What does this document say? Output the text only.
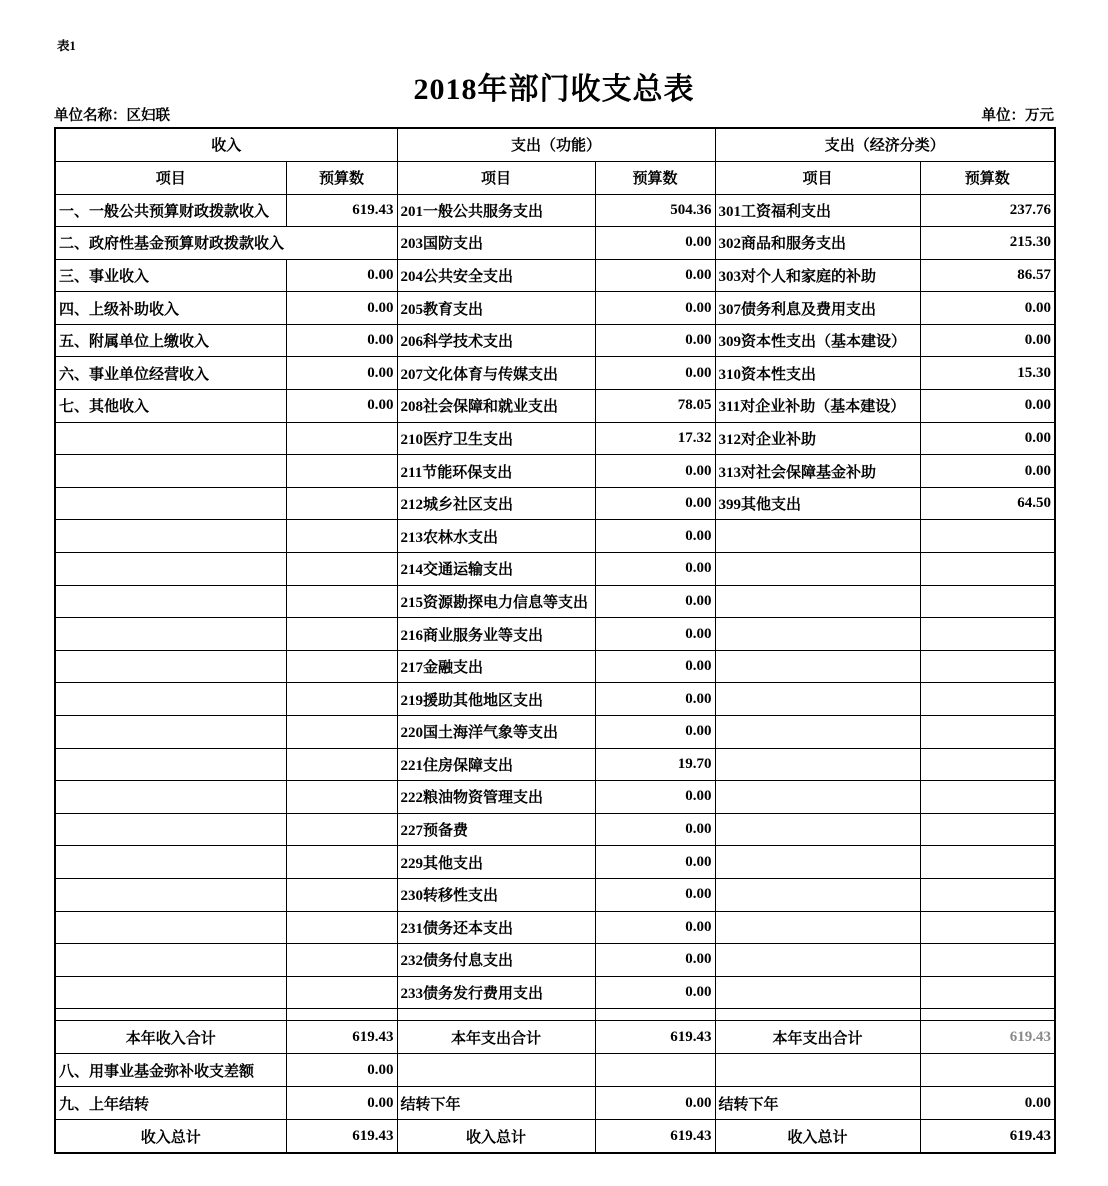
表1
2018年部门收支总表
单位名称：区妇联	单位：万元
收入		支出（功能）		支出（经济分类）	
项目	预算数	项目	预算数	项目	预算数
一、一般公共预算财政拨款收入	619.43	201一般公共服务支出	504.36	301工资福利支出	237.76
二、政府性基金预算财政拨款收入		203国防支出	0.00	302商品和服务支出	215.30
三、事业收入	0.00	204公共安全支出	0.00	303对个人和家庭的补助	86.57
四、上级补助收入	0.00	205教育支出	0.00	307债务利息及费用支出	0.00
五、附属单位上缴收入	0.00	206科学技术支出	0.00	309资本性支出（基本建设）	0.00
六、事业单位经营收入	0.00	207文化体育与传媒支出	0.00	310资本性支出	15.30
七、其他收入	0.00	208社会保障和就业支出	78.05	311对企业补助（基本建设）	0.00
		210医疗卫生支出	17.32	312对企业补助	0.00
		211节能环保支出	0.00	313对社会保障基金补助	0.00
		212城乡社区支出	0.00	399其他支出	64.50
		213农林水支出	0.00		
		214交通运输支出	0.00		
		215资源勘探电力信息等支出	0.00		
		216商业服务业等支出	0.00		
		217金融支出	0.00		
		219援助其他地区支出	0.00		
		220国土海洋气象等支出	0.00		
		221住房保障支出	19.70		
		222粮油物资管理支出	0.00		
		227预备费	0.00		
		229其他支出	0.00		
		230转移性支出	0.00		
		231债务还本支出	0.00		
		232债务付息支出	0.00		
		233债务发行费用支出	0.00		

本年收入合计	619.43	本年支出合计	619.43	本年支出合计	619.43
八、用事业基金弥补收支差额	0.00				
九、上年结转	0.00	结转下年	0.00	结转下年	0.00
收入总计	619.43	收入总计	619.43	收入总计	619.43
